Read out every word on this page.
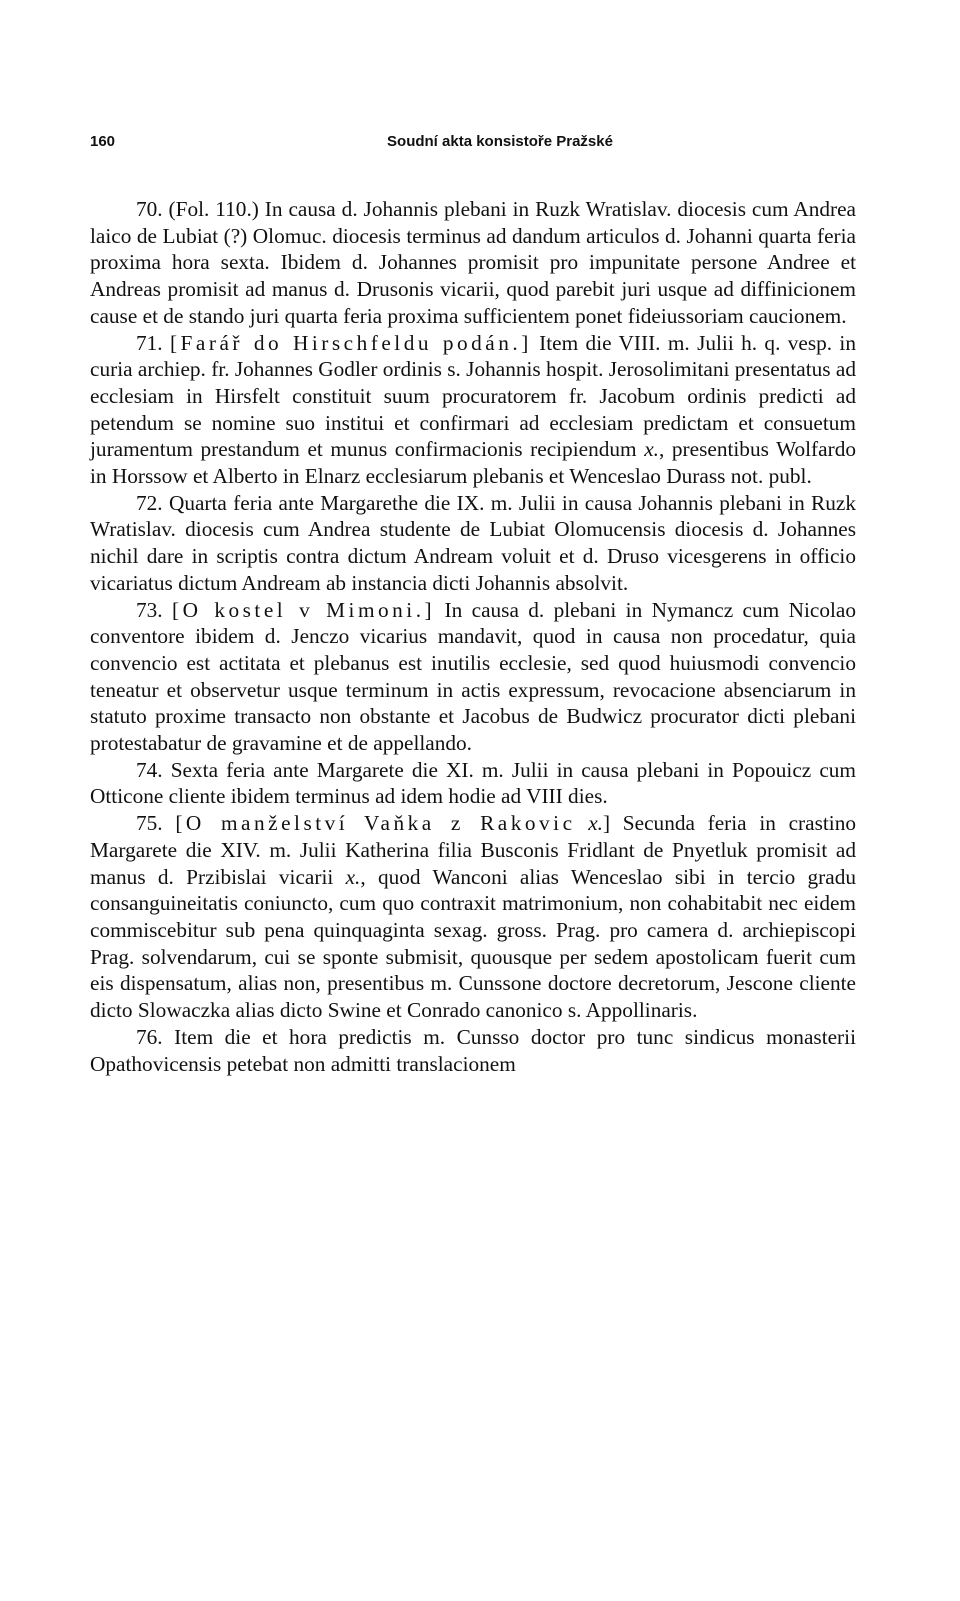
160	Soudní akta konsistoře Pražské

70. (Fol. 110.) In causa d. Johannis plebani in Ruzk Wratislav. diocesis cum Andrea laico de Lubiat (?) Olomuc. diocesis terminus ad dandum articulos d. Johanni quarta feria proxima hora sexta. Ibidem d. Johannes promisit pro impunitate persone Andree et Andreas promisit ad manus d. Drusonis vicarii, quod parebit juri usque ad diffinicionem cause et de stando juri quarta feria proxima sufficientem ponet fideiussoriam caucionem.

71. [Farář do Hirschfeldu podán.] Item die VIII. m. Julii h. q. vesp. in curia archiep. fr. Johannes Godler ordinis s. Johannis hospit. Jerosolimitani presentatus ad ecclesiam in Hirsfelt constituit suum procuratorem fr. Jacobum ordinis predicti ad petendum se nomine suo institui et confirmari ad ecclesiam predictam et consuetum juramentum prestandum et munus confirmacionis recipiendum x., presentibus Wolfardo in Horssow et Alberto in Elnarz ecclesiarum plebanis et Wenceslao Durass not. publ.

72. Quarta feria ante Margarethe die IX. m. Julii in causa Johannis plebani in Ruzk Wratislav. diocesis cum Andrea studente de Lubiat Olomucensis diocesis d. Johannes nichil dare in scriptis contra dictum Andream voluit et d. Druso vicesgerens in officio vicariatus dictum Andream ab instancia dicti Johannis absolvit.

73. [O kostel v Mimoni.] In causa d. plebani in Nymancz cum Nicolao conventore ibidem d. Jenczo vicarius mandavit, quod in causa non procedatur, quia convencio est actitata et plebanus est inutilis ecclesie, sed quod huiusmodi convencio teneatur et observetur usque terminum in actis expressum, revocacione absenciarum in statuto proxime transacto non obstante et Jacobus de Budwicz procurator dicti plebani protestabatur de gravamine et de appellando.

74. Sexta feria ante Margarete die XI. m. Julii in causa plebani in Popouicz cum Otticone cliente ibidem terminus ad idem hodie ad VIII dies.

75. [O manželství Vaňka z Rakovic x.] Secunda feria in crastino Margarete die XIV. m. Julii Katherina filia Busconis Fridlant de Pnyetluk promisit ad manus d. Przibislai vicarii x., quod Wanconi alias Wenceslao sibi in tercio gradu consanguineitatis coniuncto, cum quo contraxit matrimonium, non cohabitabit nec eidem commiscebitur sub pena quinquaginta sexag. gross. Prag. pro camera d. archiepiscopi Prag. solvendarum, cui se sponte submisit, quousque per sedem apostolicam fuerit cum eis dispensatum, alias non, presentibus m. Cunssone doctore decretorum, Jescone cliente dicto Slowaczka alias dicto Swine et Conrado canonico s. Appollinaris.

76. Item die et hora predictis m. Cunsso doctor pro tunc sindicus monasterii Opathovicensis petebat non admitti translacionem
